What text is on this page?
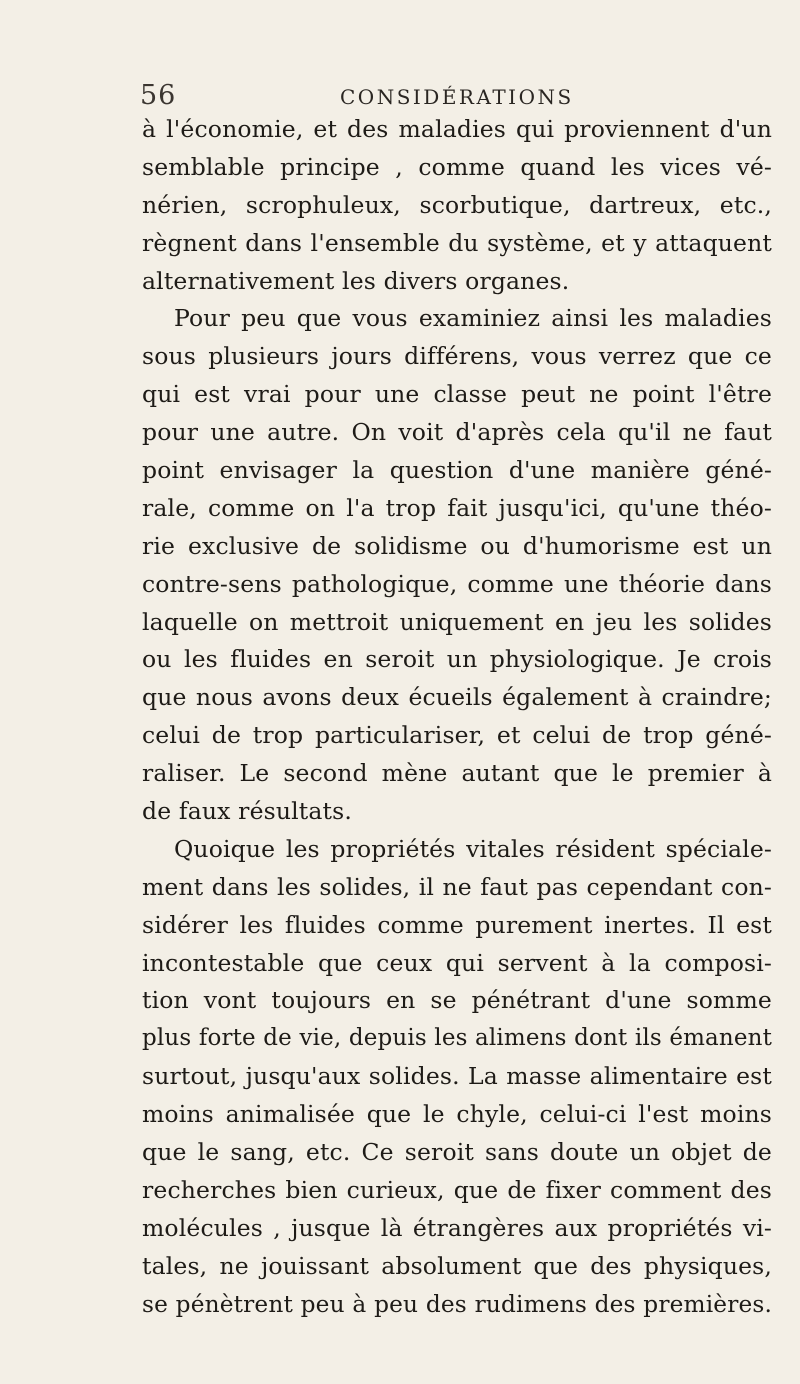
56	CONSIDÉRATIONS
à l'économie, et des maladies qui proviennent d'un
semblable principe , comme quand les vices vé-
nérien, scrophuleux, scorbutique, dartreux, etc.,
règnent dans l'ensemble du système, et y attaquent
alternativement les divers organes.
Pour peu que vous examiniez ainsi les maladies
sous plusieurs jours différens, vous verrez que ce
qui est vrai pour une classe peut ne point l'être
pour une autre. On voit d'après cela qu'il ne faut
point envisager la question d'une manière géné-
rale, comme on l'a trop fait jusqu'ici, qu'une théo-
rie exclusive de solidisme ou d'humorisme est un
contre-sens pathologique, comme une théorie dans
laquelle on mettroit uniquement en jeu les solides
ou les fluides en seroit un physiologique. Je crois
que nous avons deux écueils également à craindre;
celui de trop particulariser, et celui de trop géné-
raliser. Le second mène autant que le premier à
de faux résultats.
Quoique les propriétés vitales résident spéciale-
ment dans les solides, il ne faut pas cependant con-
sidérer les fluides comme purement inertes. Il est
incontestable que ceux qui servent à la composi-
tion vont toujours en se pénétrant d'une somme
plus forte de vie, depuis les alimens dont ils émanent
surtout, jusqu'aux solides. La masse alimentaire est
moins animalisée que le chyle, celui-ci l'est moins
que le sang, etc. Ce seroit sans doute un objet de
recherches bien curieux, que de fixer comment des
molécules , jusque là étrangères aux propriétés vi-
tales, ne jouissant absolument que des physiques,
se pénètrent peu à peu des rudimens des premières.
